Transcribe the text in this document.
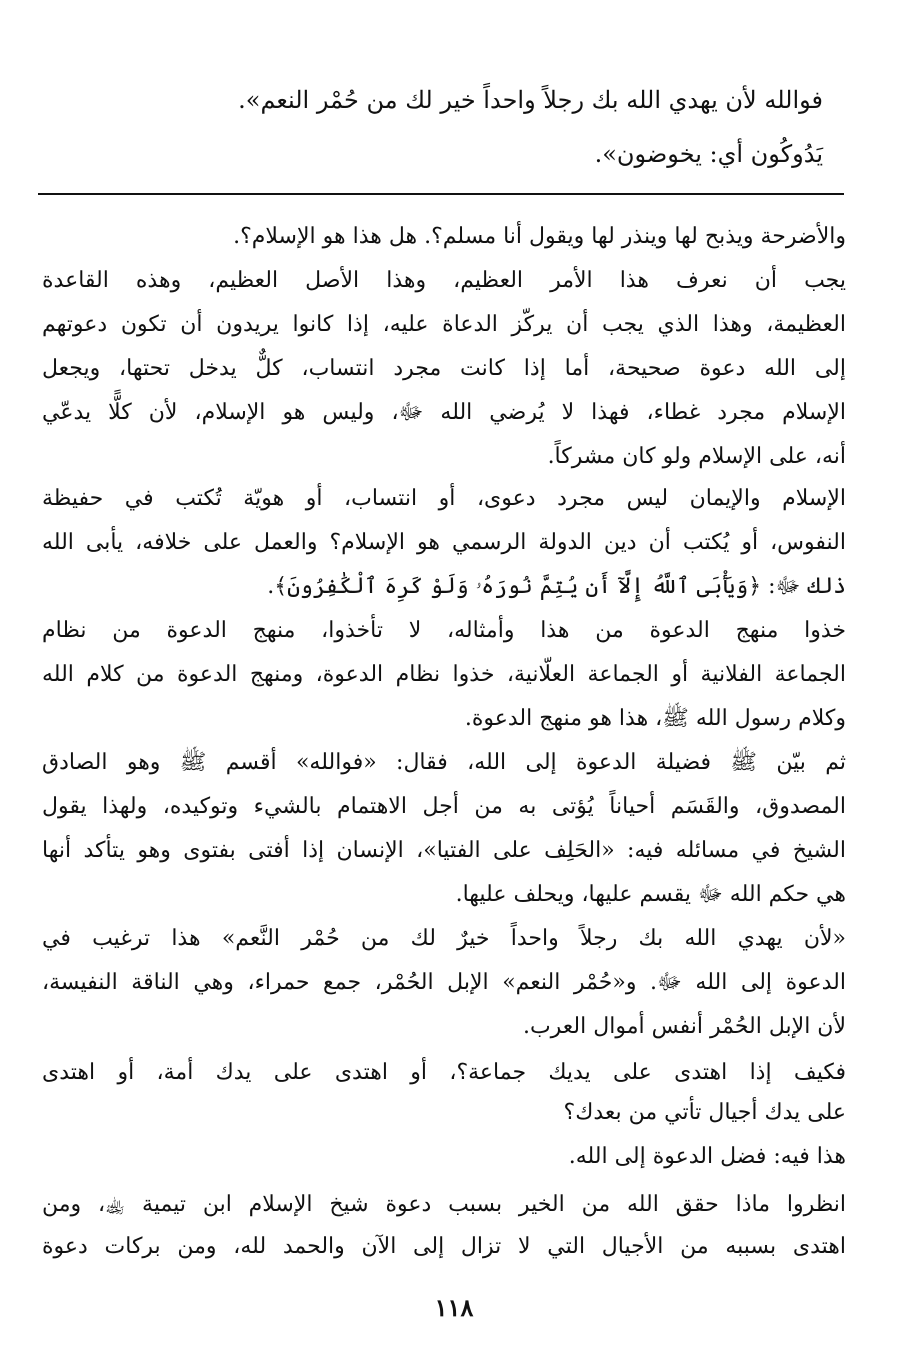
فوالله لأن يهدي الله بك رجلاً واحداً خير لك من حُمْر النعم».
يَدُوكُون أي: يخوضون».
والأضرحة ويذبح لها وينذر لها ويقول أنا مسلم؟. هل هذا هو الإسلام؟.
يجب أن نعرف هذا الأمر العظيم، وهذا الأصل العظيم، وهذه القاعدة
العظيمة، وهذا الذي يجب أن يركّز الدعاة عليه، إذا كانوا يريدون أن تكون دعوتهم
إلى الله دعوة صحيحة، أما إذا كانت مجرد انتساب، كلٌّ يدخل تحتها، ويجعل
الإسلام مجرد غطاء، فهذا لا يُرضي الله ﷻ، وليس هو الإسلام، لأن كلًّا يدعّي
أنه، على الإسلام ولو كان مشركاً.
الإسلام والإيمان ليس مجرد دعوى، أو انتساب، أو هويّة تُكتب في حفيظة
النفوس، أو يُكتب أن دين الدولة الرسمي هو الإسلام؟ والعمل على خلافه، يأبى الله
ذلك ﷻ: ﴿وَيَأْبَى ٱللَّهُ إِلَّآ أَن يُتِمَّ نُورَهُۥ وَلَوْ كَرِهَ ٱلْكَٰفِرُونَ﴾.
خذوا منهج الدعوة من هذا وأمثاله، لا تأخذوا، منهج الدعوة من نظام
الجماعة الفلانية أو الجماعة العلّانية، خذوا نظام الدعوة، ومنهج الدعوة من كلام الله
وكلام رسول الله ﷺ، هذا هو منهج الدعوة.
ثم بيّن ﷺ فضيلة الدعوة إلى الله، فقال: «فوالله» أقسم ﷺ وهو الصادق
المصدوق، والقَسَم أحياناً يُؤتى به من أجل الاهتمام بالشيء وتوكيده، ولهذا يقول
الشيخ في مسائله فيه: «الحَلِف على الفتيا»، الإنسان إذا أفتى بفتوى وهو يتأكد أنها
هي حكم الله ﷻ يقسم عليها، ويحلف عليها.
«لأن يهدي الله بك رجلاً واحداً خيرٌ لك من حُمْر النَّعم» هذا ترغيب في
الدعوة إلى الله ﷻ. و«حُمْر النعم» الإبل الحُمْر، جمع حمراء، وهي الناقة النفيسة،
لأن الإبل الحُمْر أنفس أموال العرب.
فكيف إذا اهتدى على يديك جماعة؟، أو اهتدى على يدك أمة، أو اهتدى
على يدك أجيال تأتي من بعدك؟
هذا فيه: فضل الدعوة إلى الله.
انظروا ماذا حقق الله من الخير بسبب دعوة شيخ الإسلام ابن تيمية ﵀، ومن
اهتدى بسببه من الأجيال التي لا تزال إلى الآن والحمد لله، ومن بركات دعوة
١١٨
